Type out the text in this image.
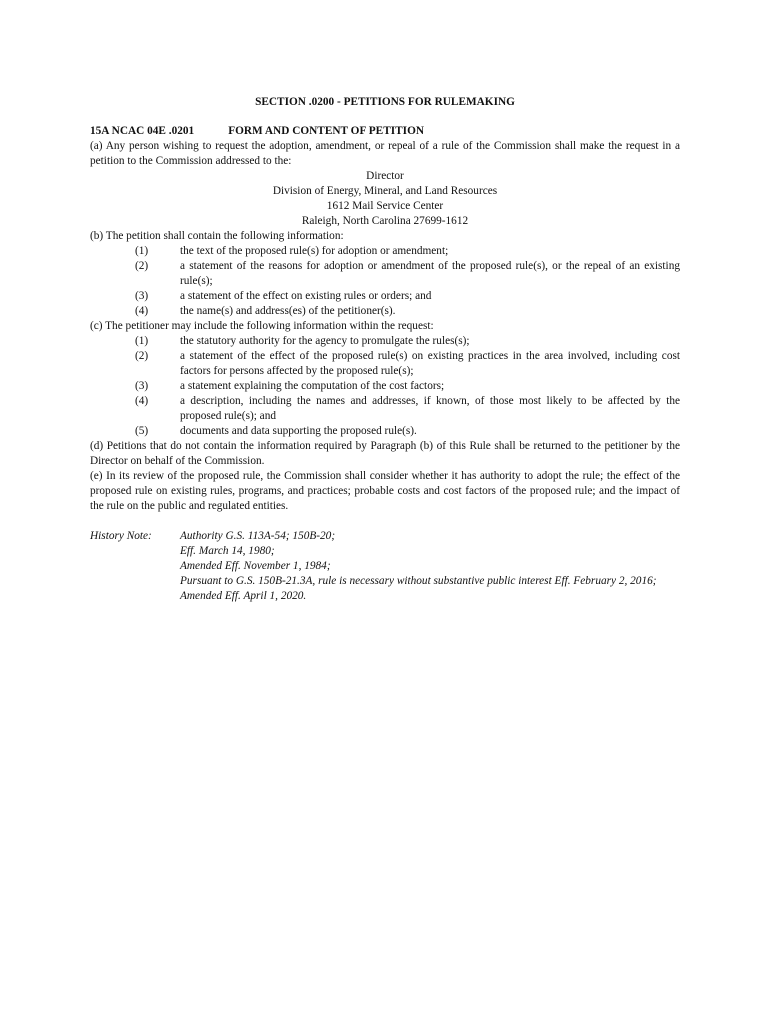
SECTION .0200 - PETITIONS FOR RULEMAKING

15A NCAC 04E .0201	FORM AND CONTENT OF PETITION

(a) Any person wishing to request the adoption, amendment, or repeal of a rule of the Commission shall make the request in a petition to the Commission addressed to the:

Director
Division of Energy, Mineral, and Land Resources
1612 Mail Service Center
Raleigh, North Carolina 27699-1612

(b) The petition shall contain the following information:

(1)	the text of the proposed rule(s) for adoption or amendment;
(2)	a statement of the reasons for adoption or amendment of the proposed rule(s), or the repeal of an existing rule(s);
(3)	a statement of the effect on existing rules or orders; and
(4)	the name(s) and address(es) of the petitioner(s).

(c) The petitioner may include the following information within the request:

(1)	the statutory authority for the agency to promulgate the rules(s);
(2)	a statement of the effect of the proposed rule(s) on existing practices in the area involved, including cost factors for persons affected by the proposed rule(s);
(3)	a statement explaining the computation of the cost factors;
(4)	a description, including the names and addresses, if known, of those most likely to be affected by the proposed rule(s); and
(5)	documents and data supporting the proposed rule(s).

(d) Petitions that do not contain the information required by Paragraph (b) of this Rule shall be returned to the petitioner by the Director on behalf of the Commission.

(e) In its review of the proposed rule, the Commission shall consider whether it has authority to adopt the rule; the effect of the proposed rule on existing rules, programs, and practices; probable costs and cost factors of the proposed rule; and the impact of the rule on the public and regulated entities.

History Note:	Authority G.S. 113A-54; 150B-20;
Eff. March 14, 1980;
Amended Eff. November 1, 1984;
Pursuant to G.S. 150B-21.3A, rule is necessary without substantive public interest Eff. February 2, 2016;
Amended Eff. April 1, 2020.
